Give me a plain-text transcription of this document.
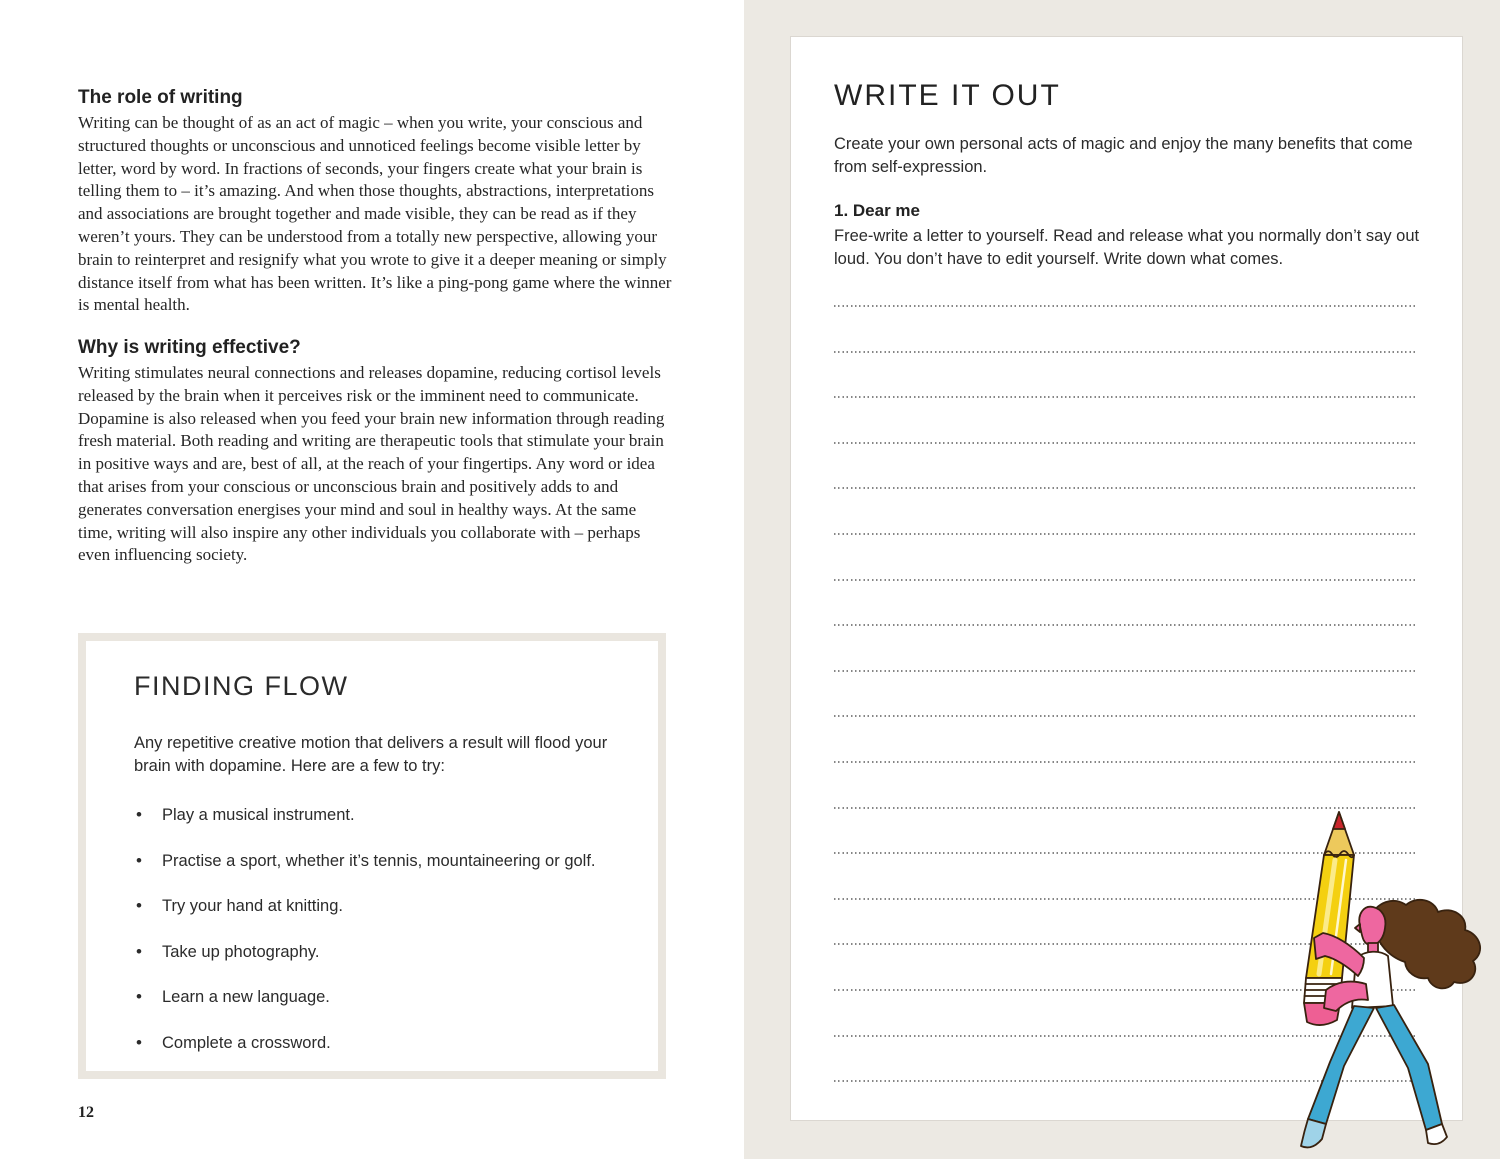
The role of writing
Writing can be thought of as an act of magic – when you write, your conscious and structured thoughts or unconscious and unnoticed feelings become visible letter by letter, word by word. In fractions of seconds, your fingers create what your brain is telling them to – it’s amazing. And when those thoughts, abstractions, interpretations and associations are brought together and made visible, they can be read as if they weren’t yours. They can be understood from a totally new perspective, allowing your brain to reinterpret and resignify what you wrote to give it a deeper meaning or simply distance itself from what has been written. It’s like a ping-pong game where the winner is mental health.
Why is writing effective?
Writing stimulates neural connections and releases dopamine, reducing cortisol levels released by the brain when it perceives risk or the imminent need to communicate. Dopamine is also released when you feed your brain new information through reading fresh material. Both reading and writing are therapeutic tools that stimulate your brain in positive ways and are, best of all, at the reach of your fingertips. Any word or idea that arises from your conscious or unconscious brain and positively adds to and generates conversation energises your mind and soul in healthy ways. At the same time, writing will also inspire any other individuals you collaborate with – perhaps even influencing society.
FINDING FLOW
Any repetitive creative motion that delivers a result will flood your brain with dopamine. Here are a few to try:
• Play a musical instrument.
• Practise a sport, whether it’s tennis, mountaineering or golf.
• Try your hand at knitting.
• Take up photography.
• Learn a new language.
• Complete a crossword.
12
WRITE IT OUT
Create your own personal acts of magic and enjoy the many benefits that come from self-expression.
1. Dear me
Free-write a letter to yourself. Read and release what you normally don’t say out loud. You don’t have to edit yourself. Write down what comes.
